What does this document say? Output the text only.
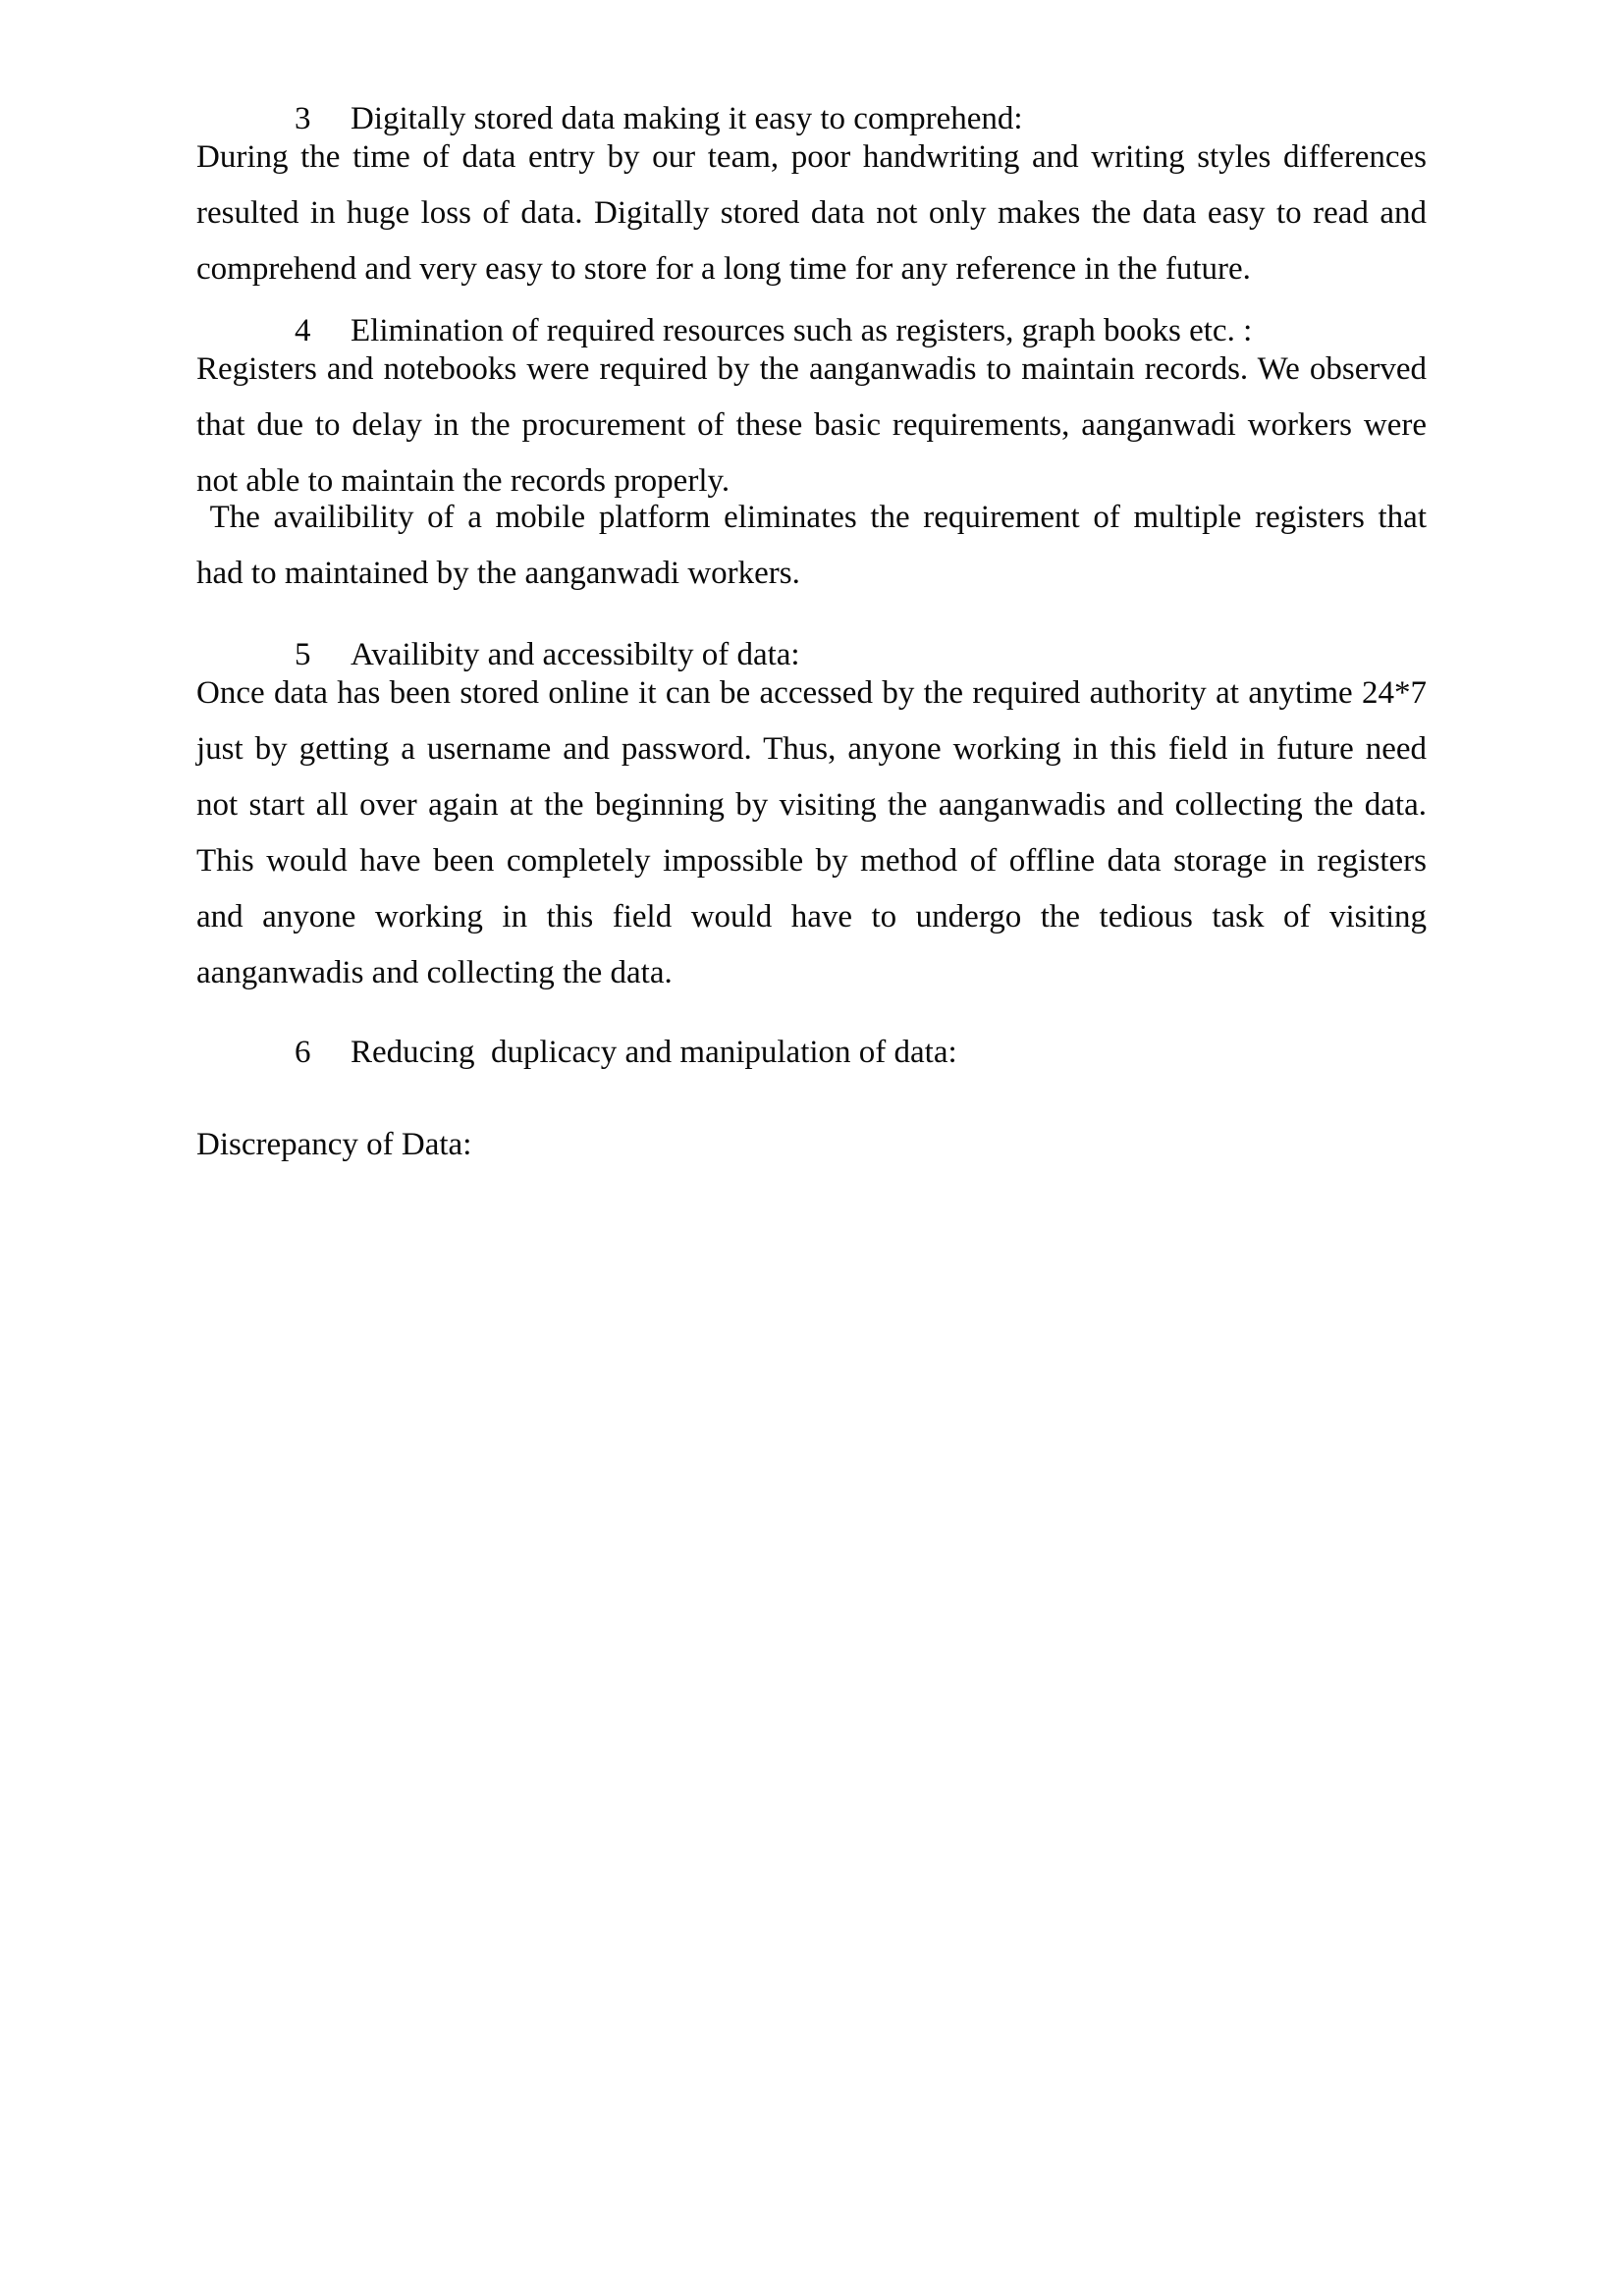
3 Digitally stored data making it easy to comprehend:
During the time of data entry by our team, poor handwriting and writing styles differences
resulted in huge loss of data. Digitally stored data not only makes the data easy to read and
comprehend and very easy to store for a long time for any reference in the future.
4 Elimination of required resources such as registers, graph books etc. :
Registers and notebooks were required by the aanganwadis to maintain records. We observed
that due to delay in the procurement of these basic requirements, aanganwadi workers were
not able to maintain the records properly.
The availibility of a mobile platform eliminates the requirement of multiple registers that
had to maintained by the aanganwadi workers.
5 Availibity and accessibilty of data:
Once data has been stored online it can be accessed by the required authority at anytime 24*7
just by getting a username and password. Thus, anyone working in this field in future need
not start all over again at the beginning by visiting the aanganwadis and collecting the data.
This would have been completely impossible by method of offline data storage in registers
and anyone working in this field would have to undergo the tedious task of visiting
aanganwadis and collecting the data.
6 Reducing  duplicacy and manipulation of data:
Discrepancy of Data:
